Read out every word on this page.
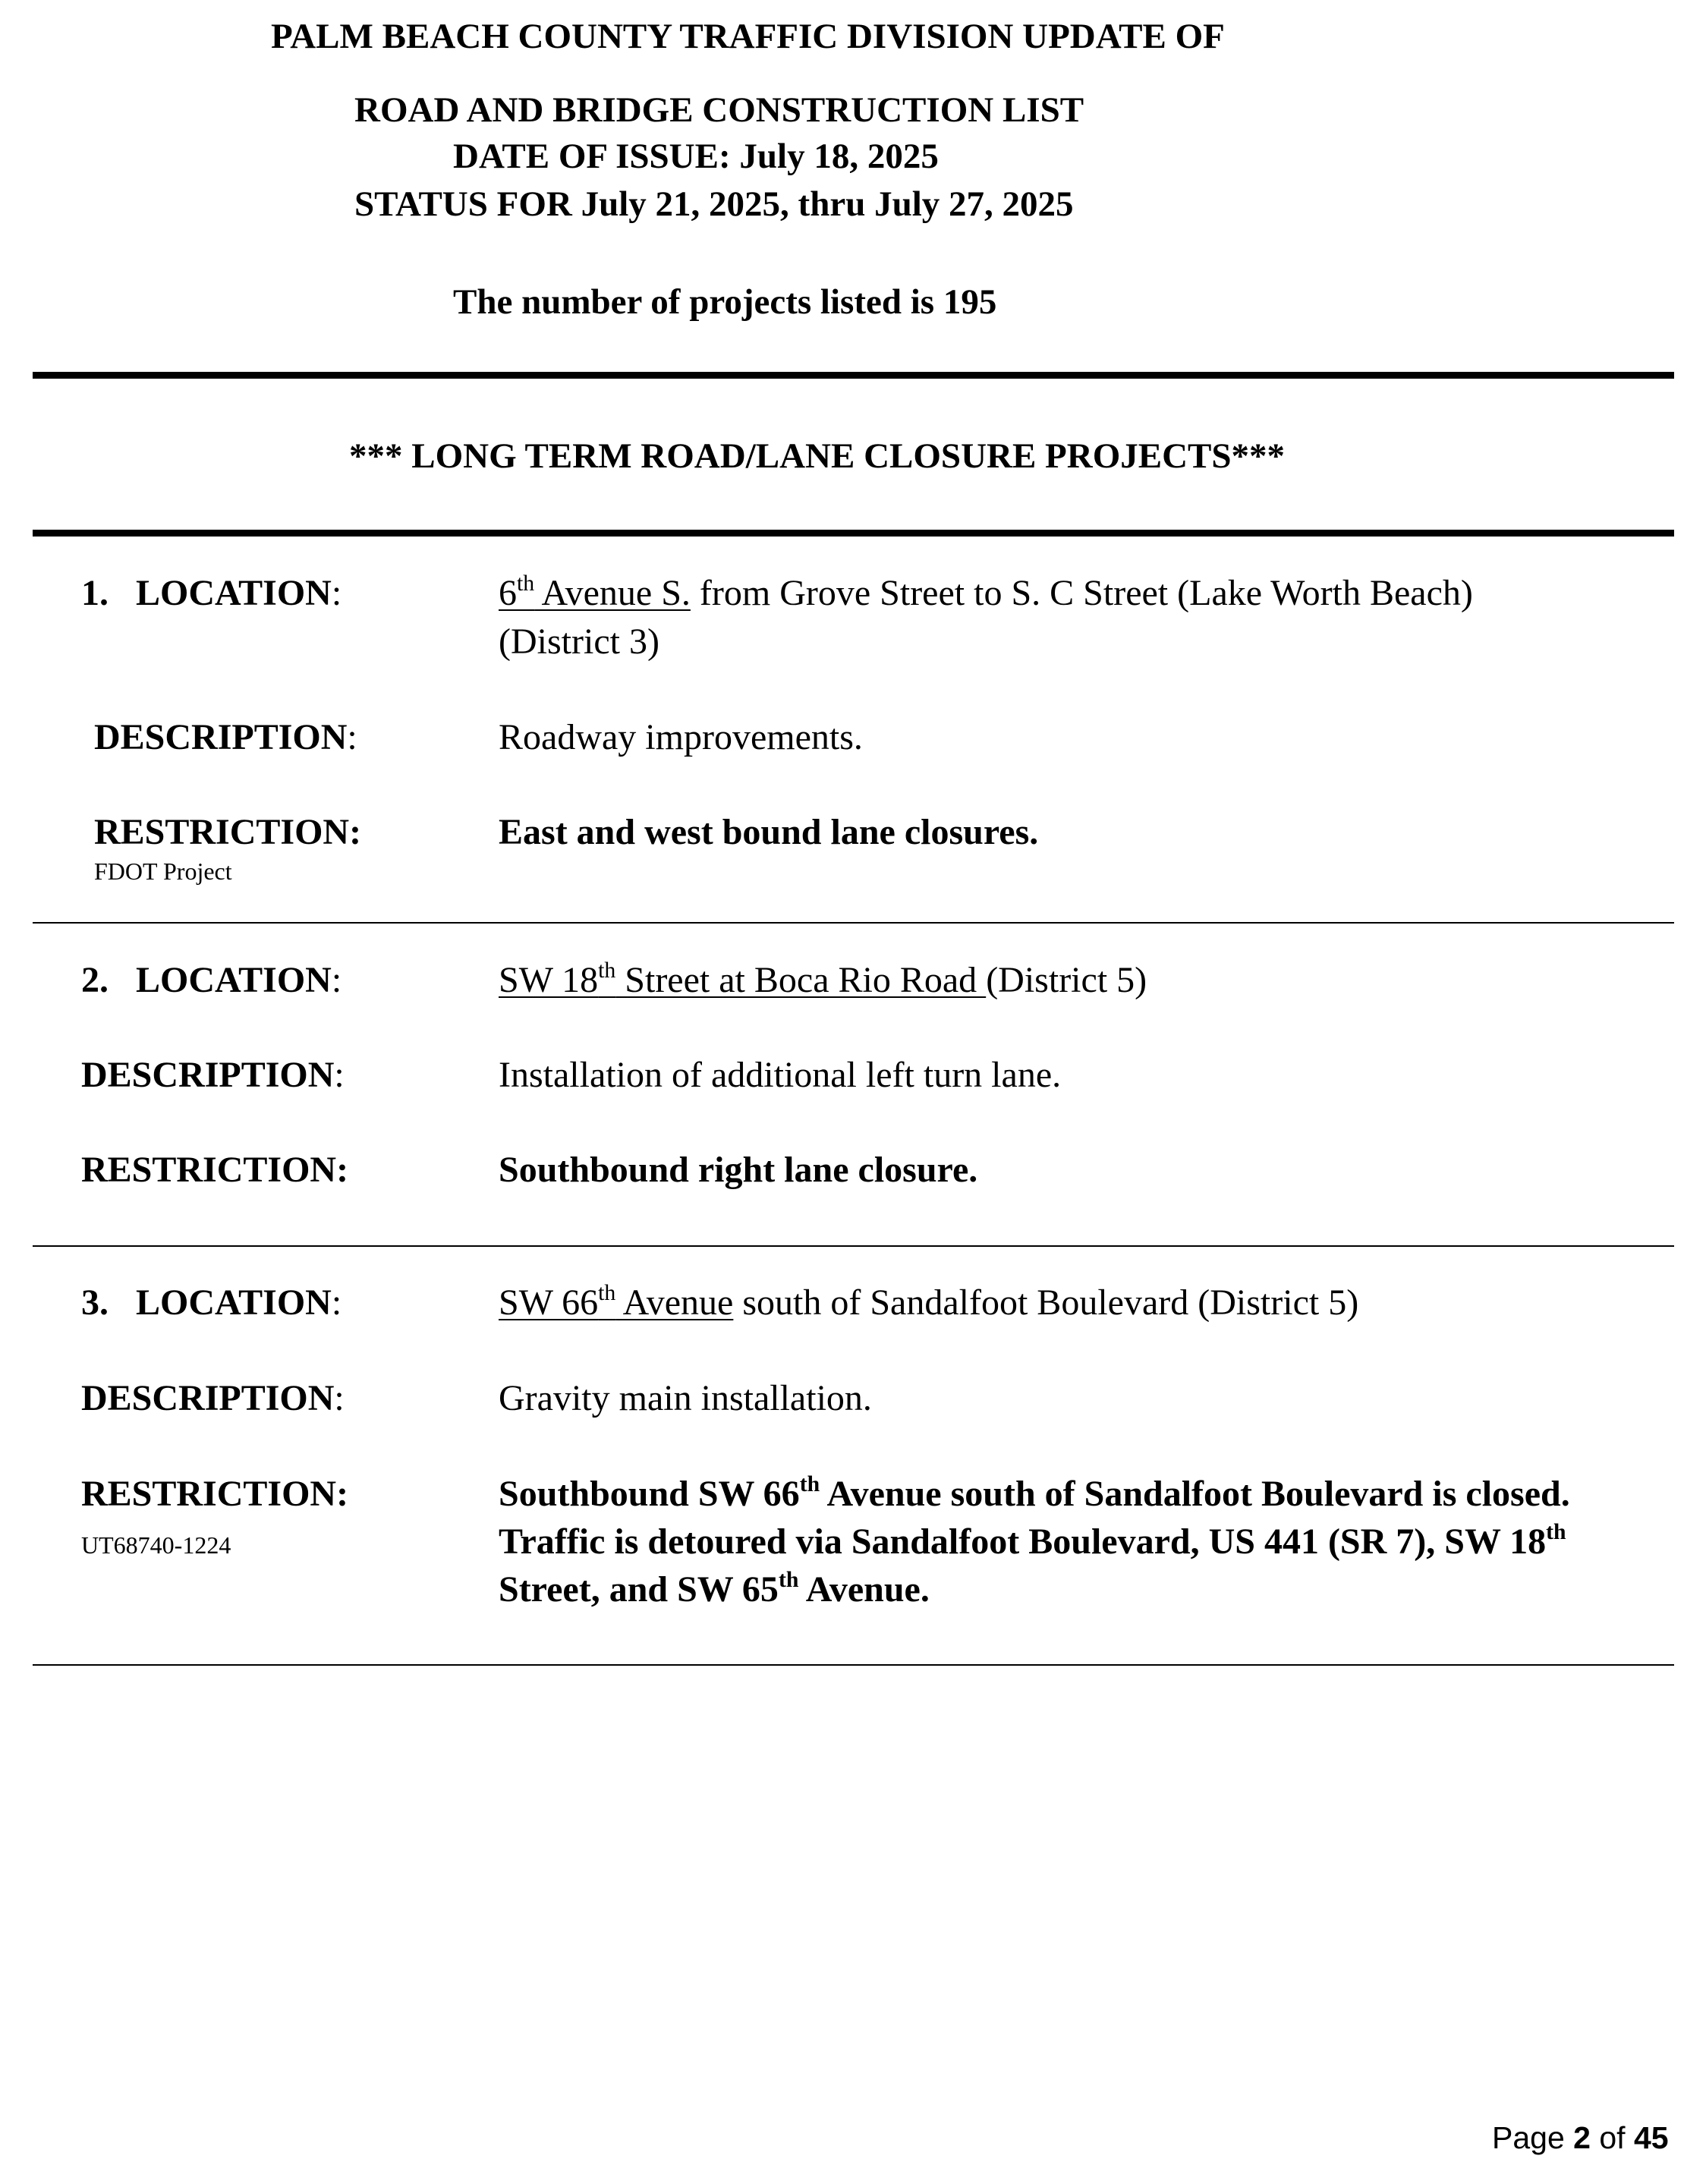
PALM BEACH COUNTY TRAFFIC DIVISION UPDATE OF
ROAD AND BRIDGE CONSTRUCTION LIST
DATE OF ISSUE: July 18, 2025
STATUS FOR July 21, 2025, thru July 27, 2025
The number of projects listed is 195
*** LONG TERM ROAD/LANE CLOSURE PROJECTS***
1. LOCATION:	6th Avenue S. from Grove Street to S. C Street (Lake Worth Beach)
(District 3)
DESCRIPTION:	Roadway improvements.
RESTRICTION:	East and west bound lane closures.
FDOT Project
2. LOCATION:	SW 18th Street at Boca Rio Road (District 5)
DESCRIPTION:	Installation of additional left turn lane.
RESTRICTION:	Southbound right lane closure.
3. LOCATION:	SW 66th Avenue south of Sandalfoot Boulevard (District 5)
DESCRIPTION:	Gravity main installation.
RESTRICTION:	Southbound SW 66th Avenue south of Sandalfoot Boulevard is closed.
Traffic is detoured via Sandalfoot Boulevard, US 441 (SR 7), SW 18th
Street, and SW 65th Avenue.
UT68740-1224
Page 2 of 45
